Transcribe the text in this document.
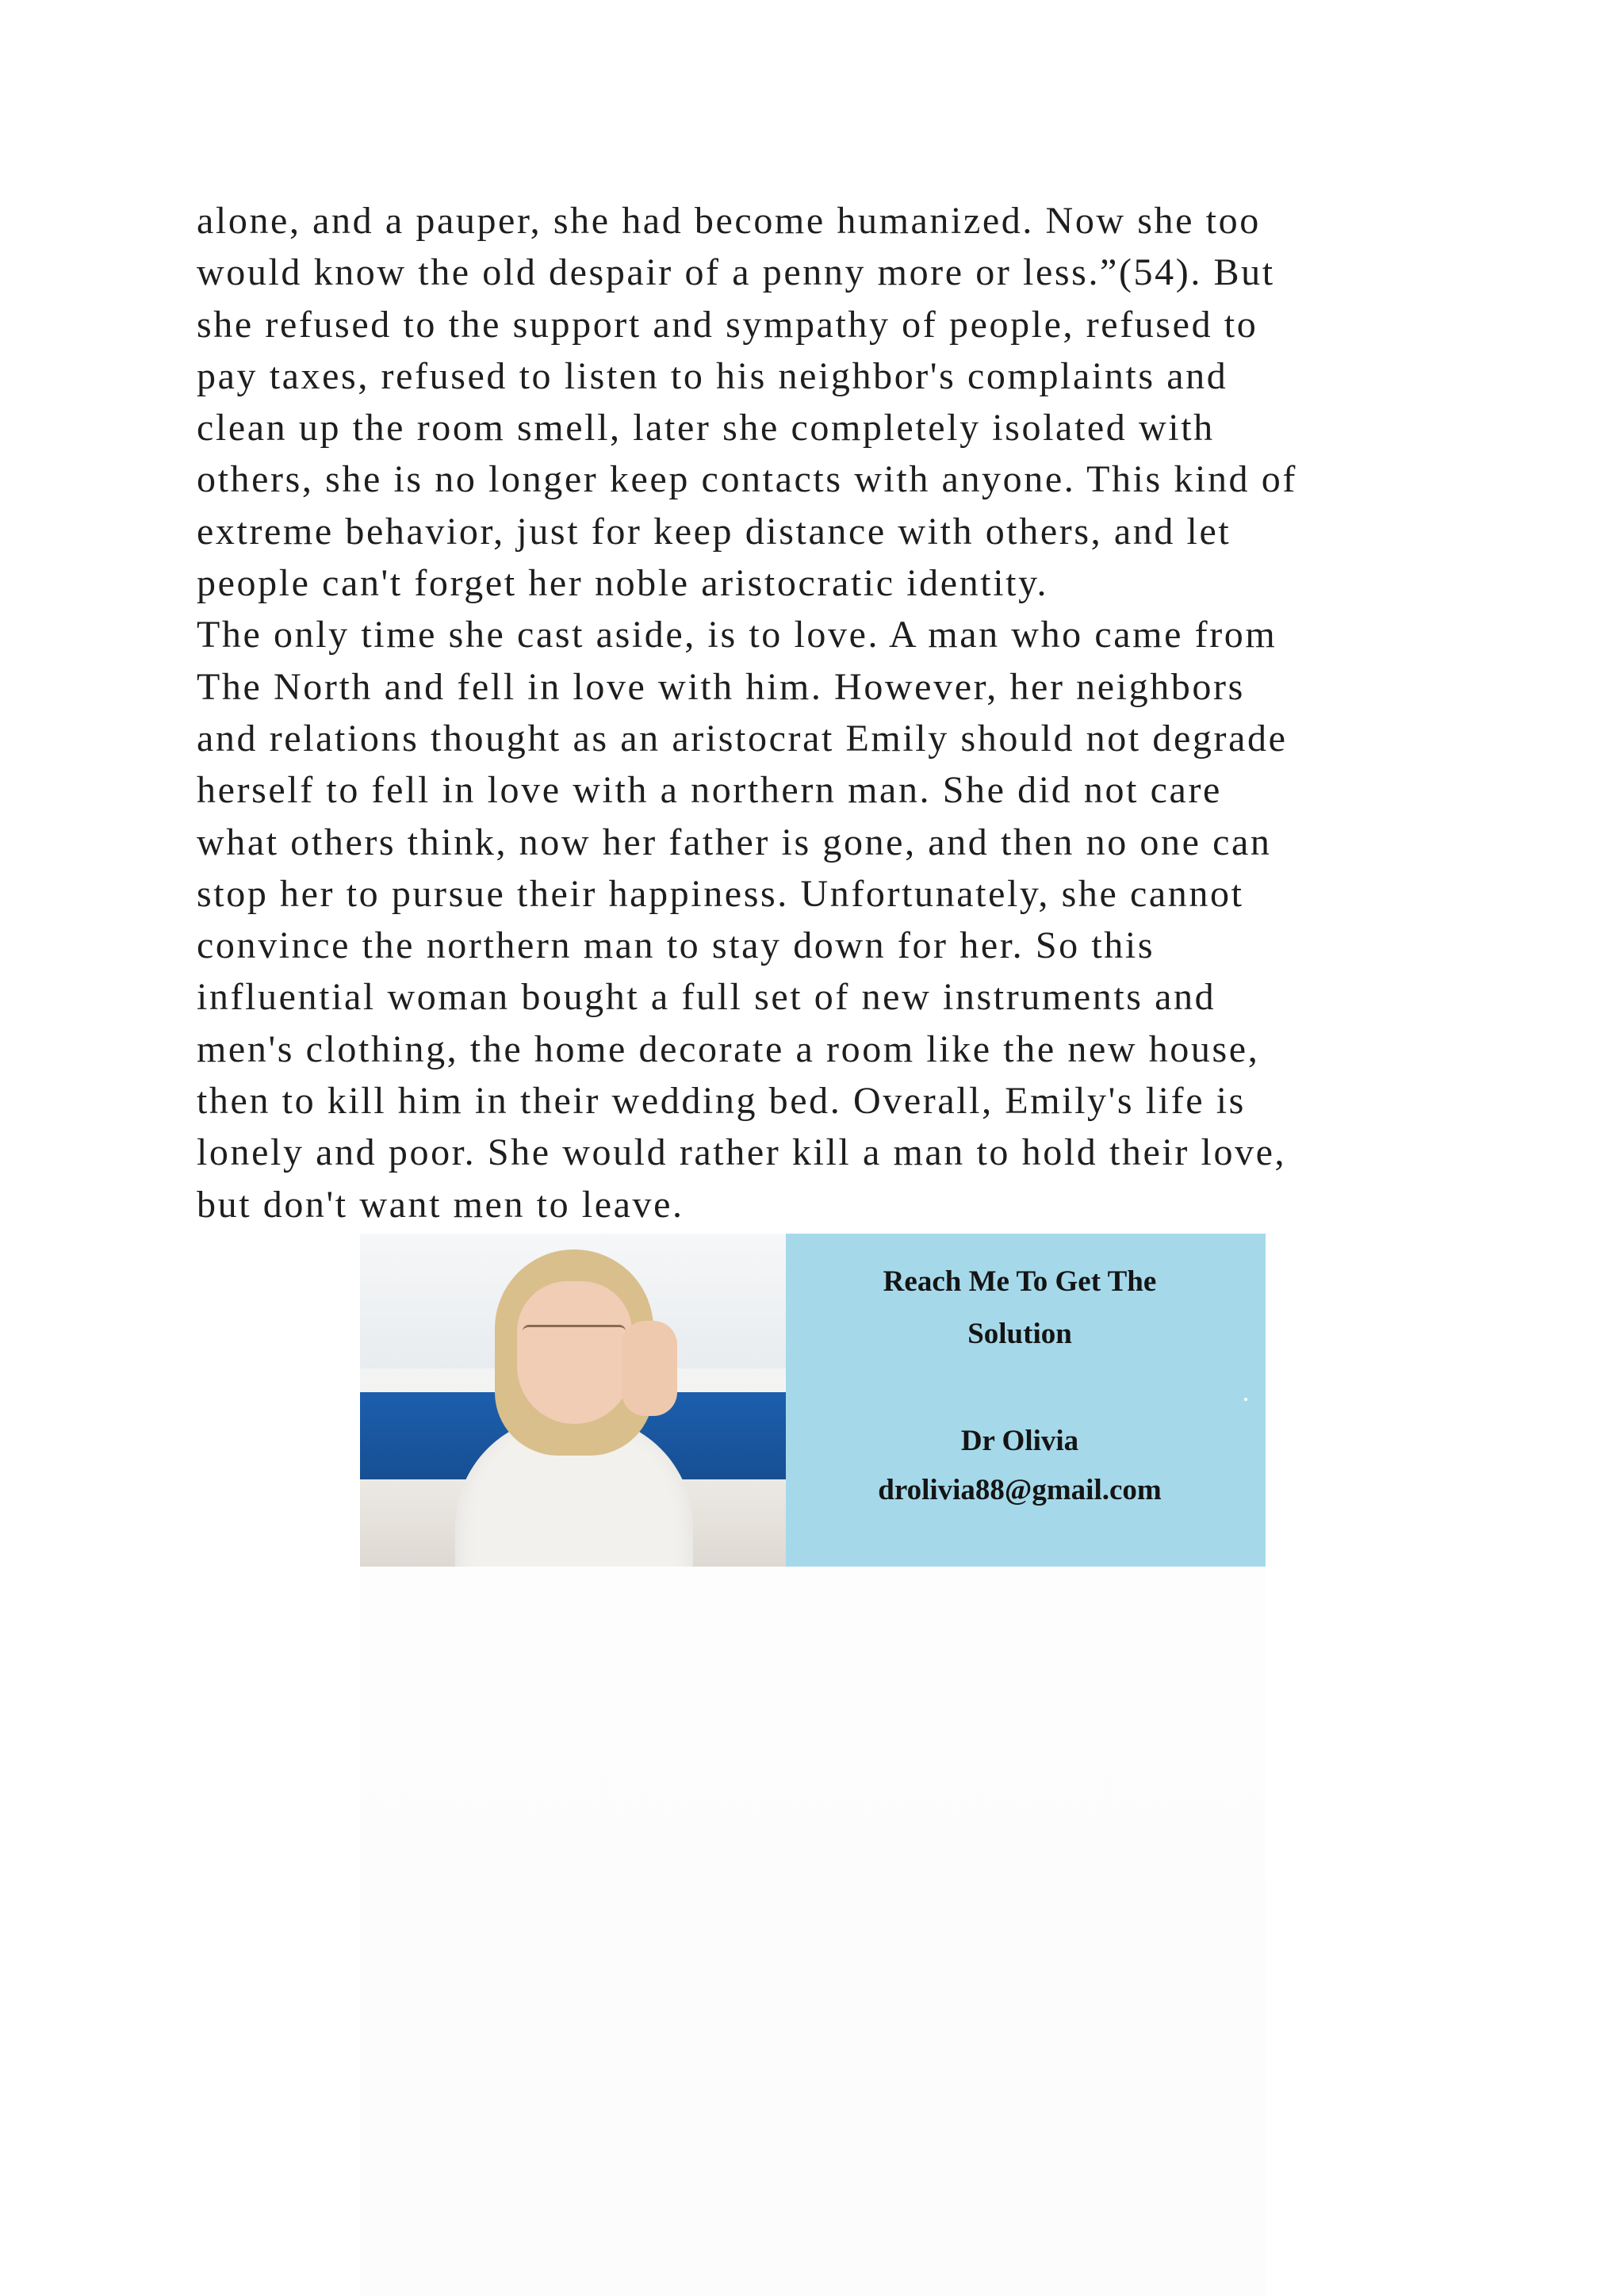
alone, and a pauper, she had become humanized. Now she too
would know the old despair of a penny more or less.”(54). But
she refused to the support and sympathy of people, refused to
pay taxes, refused to listen to his neighbor's complaints and
clean up the room smell, later she completely isolated with
others, she is no longer keep contacts with anyone. This kind of
extreme behavior, just for keep distance with others, and let
people can't forget her noble aristocratic identity.
The only time she cast aside, is to love. A man who came from
The North and fell in love with him. However, her neighbors
and relations thought as an aristocrat Emily should not degrade
herself to fell in love with a northern man. She did not care
what others think, now her father is gone, and then no one can
stop her to pursue their happiness. Unfortunately, she cannot
convince the northern man to stay down for her. So this
influential woman bought a full set of new instruments and
men's clothing, the home decorate a room like the new house,
then to kill him in their wedding bed. Overall, Emily's life is
lonely and poor. She would rather kill a man to hold their love,
but don't want men to leave.
Reach Me To Get The
Solution
Dr Olivia
drolivia88@gmail.com
